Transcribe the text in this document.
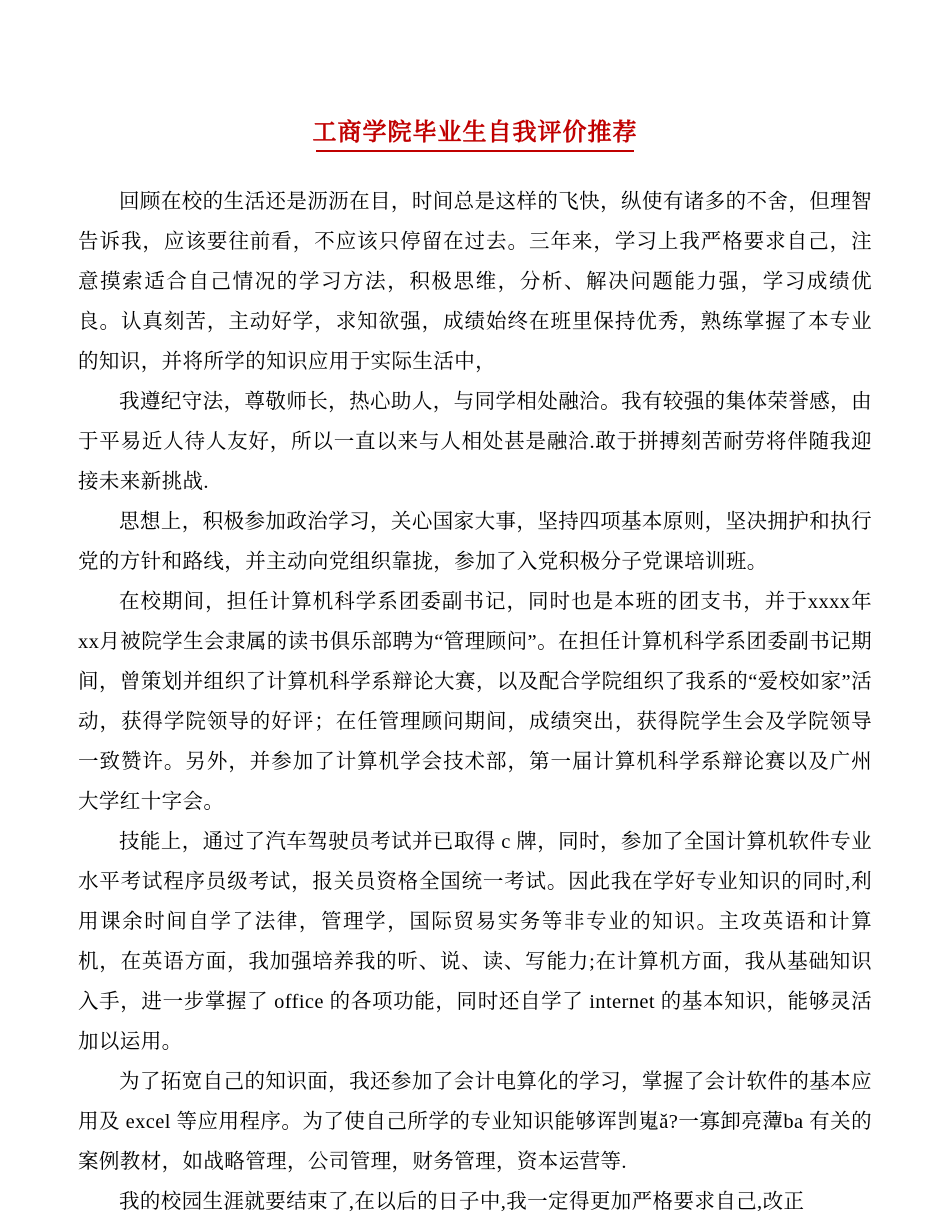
工商学院毕业生自我评价推荐

回顾在校的生活还是沥沥在目，时间总是这样的飞快，纵使有诸多的不舍，但理智告诉我，应该要往前看，不应该只停留在过去。三年来，学习上我严格要求自己，注意摸索适合自己情况的学习方法，积极思维，分析、解决问题能力强，学习成绩优良。认真刻苦，主动好学，求知欲强，成绩始终在班里保持优秀，熟练掌握了本专业的知识，并将所学的知识应用于实际生活中，

我遵纪守法，尊敬师长，热心助人，与同学相处融洽。我有较强的集体荣誉感，由于平易近人待人友好，所以一直以来与人相处甚是融洽.敢于拼搏刻苦耐劳将伴随我迎接未来新挑战.

思想上，积极参加政治学习，关心国家大事，坚持四项基本原则，坚决拥护和执行党的方针和路线，并主动向党组织靠拢，参加了入党积极分子党课培训班。

在校期间，担任计算机科学系团委副书记，同时也是本班的团支书，并于xxxx年xx月被院学生会隶属的读书俱乐部聘为“管理顾问”。在担任计算机科学系团委副书记期间，曾策划并组织了计算机科学系辩论大赛，以及配合学院组织了我系的“爱校如家”活动，获得学院领导的好评；在任管理顾问期间，成绩突出，获得院学生会及学院领导一致赞许。另外，并参加了计算机学会技术部，第一届计算机科学系辩论赛以及广州大学红十字会。

技能上，通过了汽车驾驶员考试并已取得 c 牌，同时，参加了全国计算机软件专业水平考试程序员级考试，报关员资格全国统一考试。因此我在学好专业知识的同时,利用课余时间自学了法律，管理学，国际贸易实务等非专业的知识。主攻英语和计算机，在英语方面，我加强培养我的听、说、读、写能力;在计算机方面，我从基础知识入手，进一步掌握了 office 的各项功能，同时还自学了 internet 的基本知识，能够灵活加以运用。

为了拓宽自己的知识面，我还参加了会计电算化的学习，掌握了会计软件的基本应用及 excel 等应用程序。为了使自己所学的专业知识能够诨剀嵬ǎ?一寡卸亮藫ba 有关的案例教材，如战略管理，公司管理，财务管理，资本运营等.

我的校园生涯就要结束了,在以后的日子中,我一定得更加严格要求自己,改正
